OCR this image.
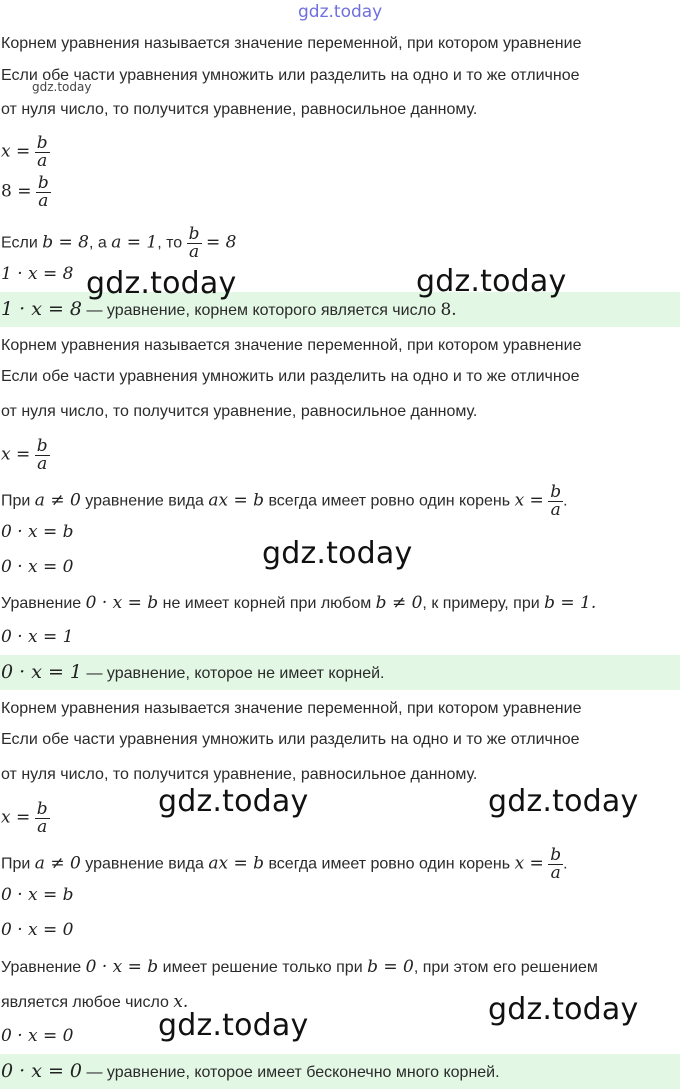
gdz.today
gdz.today
Корнем уравнения называется значение переменной, при котором уравнение
Если обе части уравнения умножить или разделить на одно и то же отличное
от нуля число, то получится уравнение, равносильное данному.
$x = \frac{b}{a}$
$8 = \frac{b}{a}$
Если b = 8, а a = 1, то $\frac{b}{a} = 8$
1 · x = 8
1 · x = 8 — уравнение, корнем которого является число 8.
Корнем уравнения называется значение переменной, при котором уравнение
Если обе части уравнения умножить или разделить на одно и то же отличное
от нуля число, то получится уравнение, равносильное данному.
$x = \frac{b}{a}$
При a ≠ 0 уравнение вида ax = b всегда имеет ровно один корень $x = \frac{b}{a}$ .
0 · x = b
0 · x = 0
Уравнение 0 · x = b не имеет корней при любом b ≠ 0, к примеру, при b = 1.
0 · x = 1
0 · x = 1 — уравнение, которое не имеет корней.
Корнем уравнения называется значение переменной, при котором уравнение
Если обе части уравнения умножить или разделить на одно и то же отличное
от нуля число, то получится уравнение, равносильное данному.
$x = \frac{b}{a}$
При a ≠ 0 уравнение вида ax = b всегда имеет ровно один корень $x = \frac{b}{a}$ .
0 · x = b
0 · x = 0
Уравнение 0 · x = b имеет решение только при b = 0, при этом его решением
является любое число x.
0 · x = 0
0 · x = 0 — уравнение, которое имеет бесконечно много корней.
gdz.today	gdz.today
gdz.today
gdz.today	gdz.today
gdz.today
gdz.today
